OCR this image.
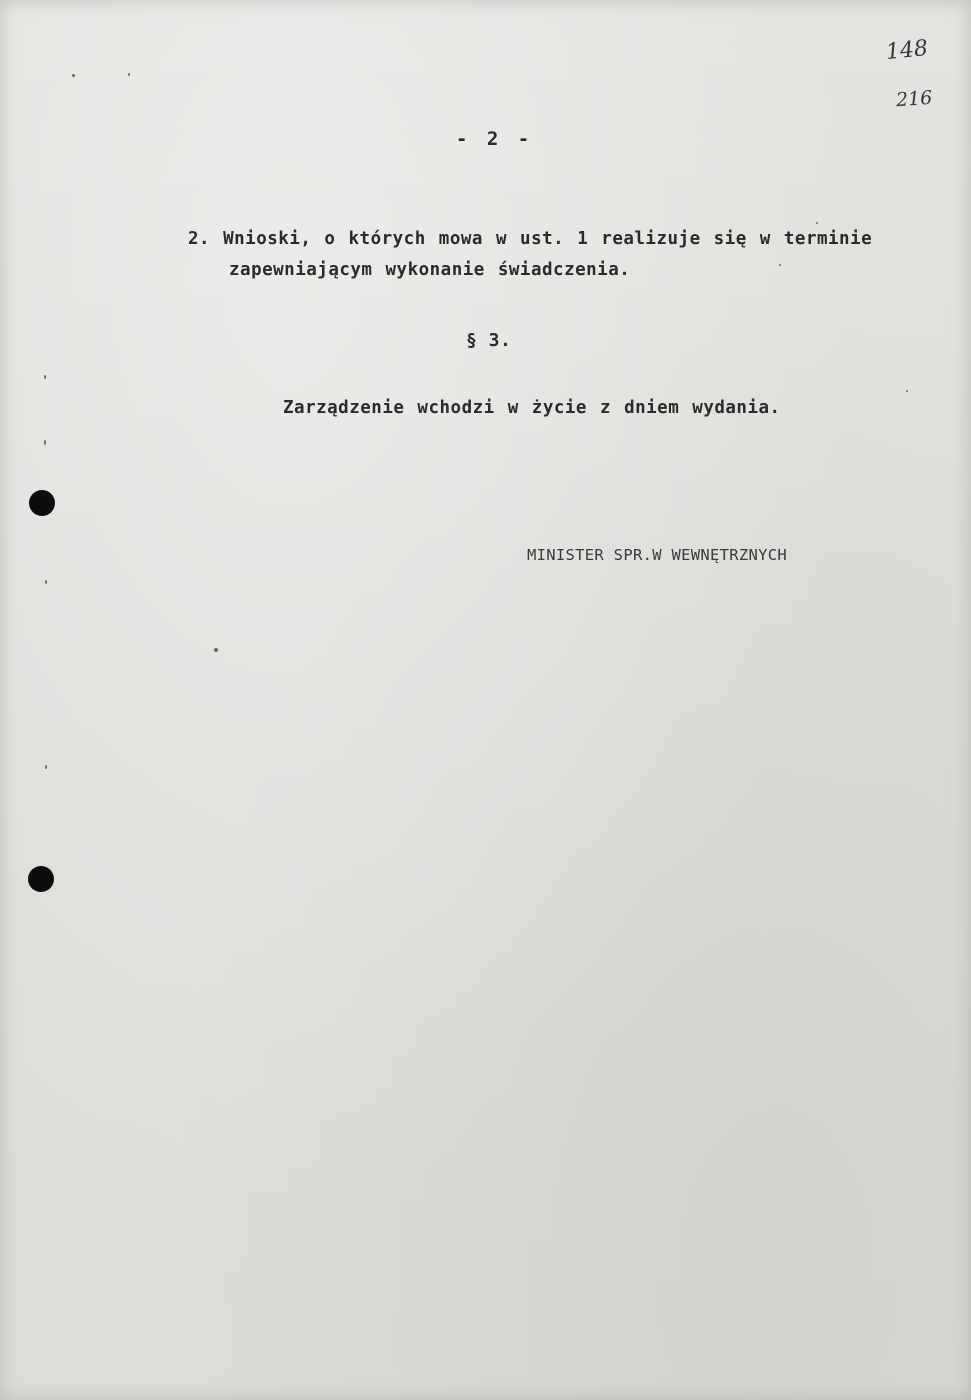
- 2 -
2. Wnioski, o których mowa w ust. 1 realizuje się w terminie
zapewniającym wykonanie świadczenia.
§ 3.
Zarządzenie wchodzi w życie z dniem wydania.
MINISTER SPR.W WEWNĘTRZNYCH
148
216
